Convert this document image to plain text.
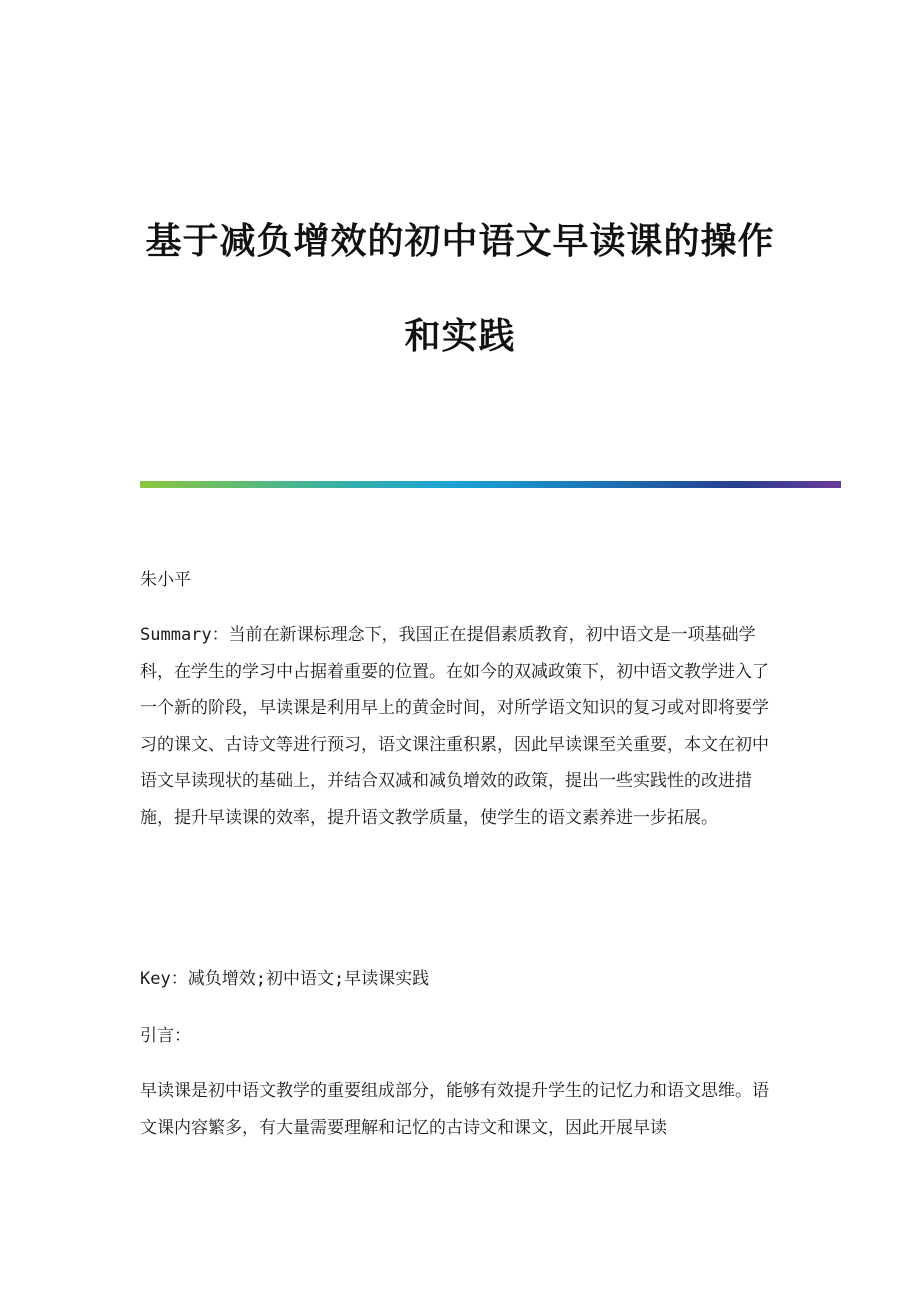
基于减负增效的初中语文早读课的操作
和实践

朱小平

Summary：当前在新课标理念下，我国正在提倡素质教育，初中语文是一项基础学科，在学生的学习中占据着重要的位置。在如今的双减政策下，初中语文教学进入了一个新的阶段，早读课是利用早上的黄金时间，对所学语文知识的复习或对即将要学习的课文、古诗文等进行预习，语文课注重积累，因此早读课至关重要，本文在初中语文早读现状的基础上，并结合双减和减负增效的政策，提出一些实践性的改进措施，提升早读课的效率，提升语文教学质量，使学生的语文素养进一步拓展。

Key：减负增效;初中语文;早读课实践

引言：

早读课是初中语文教学的重要组成部分，能够有效提升学生的记忆力和语文思维。语文课内容繁多，有大量需要理解和记忆的古诗文和课文，因此开展早读
